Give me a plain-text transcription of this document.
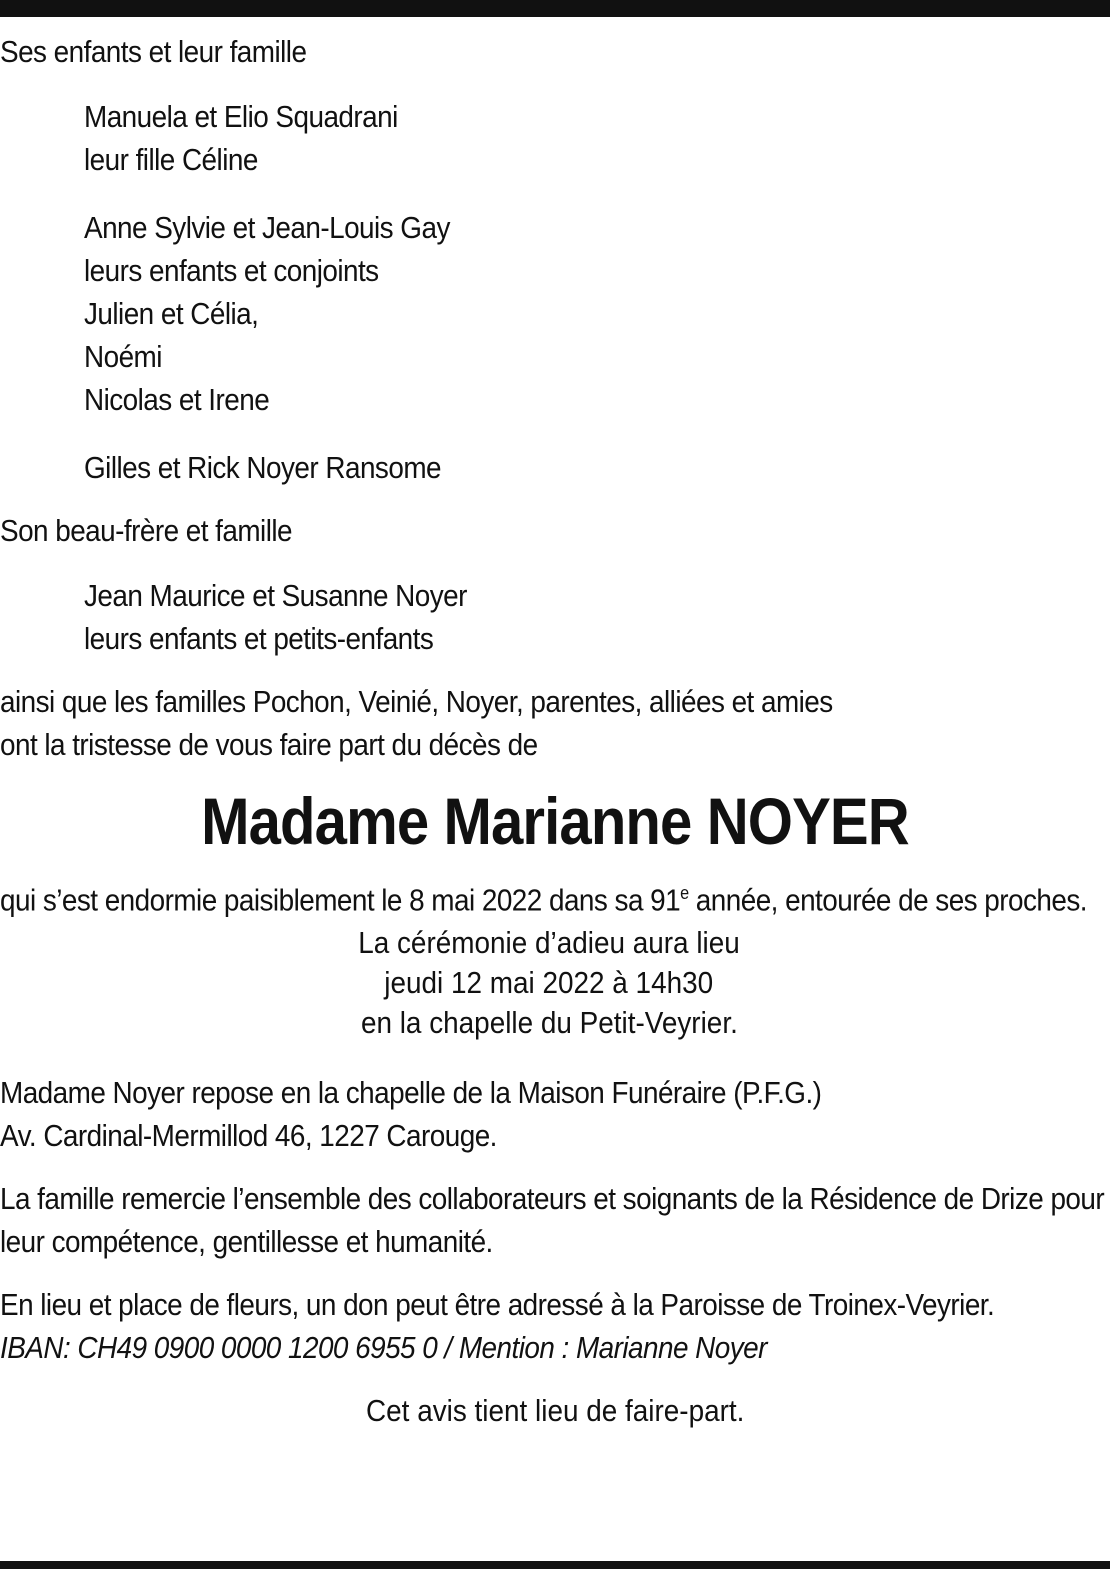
Ses enfants et leur famille
Manuela et Elio Squadrani
leur fille Céline
Anne Sylvie et Jean-Louis Gay
leurs enfants et conjoints
Julien et Célia,
Noémi
Nicolas et Irene
Gilles et Rick Noyer Ransome
Son beau-frère et famille
Jean Maurice et Susanne Noyer
leurs enfants et petits-enfants
ainsi que les familles Pochon, Veinié, Noyer, parentes, alliées et amies
ont la tristesse de vous faire part du décès de
Madame Marianne NOYER
qui s’est endormie paisiblement le 8 mai 2022 dans sa 91e année, entourée de ses proches.
La cérémonie d’adieu aura lieu
jeudi 12 mai 2022 à 14h30
en la chapelle du Petit-Veyrier.
Madame Noyer repose en la chapelle de la Maison Funéraire (P.F.G.)
Av. Cardinal-Mermillod 46, 1227 Carouge.
La famille remercie l’ensemble des collaborateurs et soignants de la Résidence de Drize pour leur compétence, gentillesse et humanité.
En lieu et place de fleurs, un don peut être adressé à la Paroisse de Troinex-Veyrier.
IBAN: CH49 0900 0000 1200 6955 0 / Mention : Marianne Noyer
Cet avis tient lieu de faire-part.
